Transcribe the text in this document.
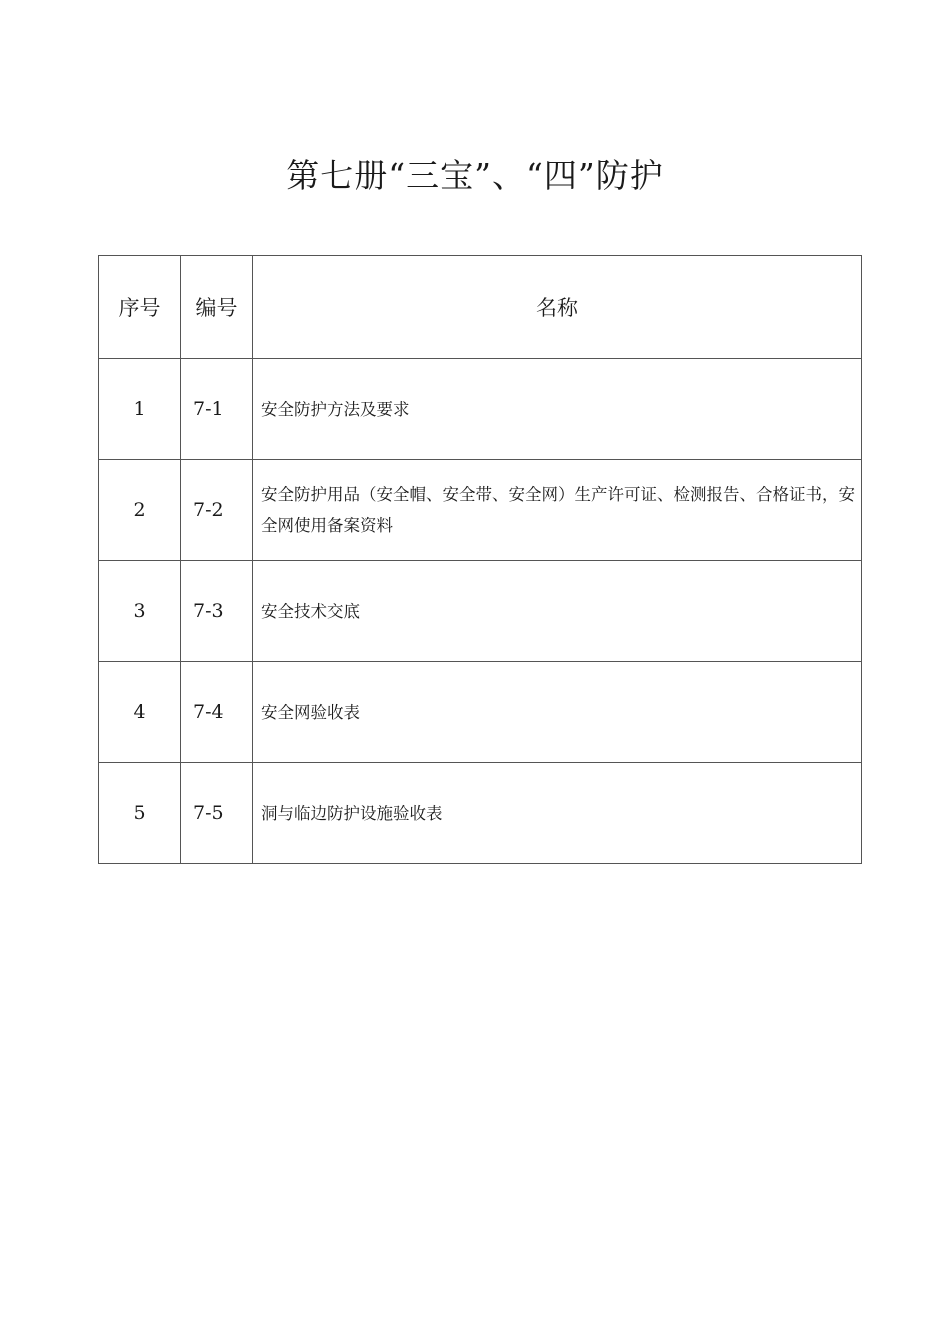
第七册“三宝”、“四”防护
序号	编号	名称
1	7-1	安全防护方法及要求
2	7-2	安全防护用品（安全帽、安全带、安全网）生产许可证、检测报告、合格证书，安全网使用备案资料
3	7-3	安全技术交底
4	7-4	安全网验收表
5	7-5	洞与临边防护设施验收表
